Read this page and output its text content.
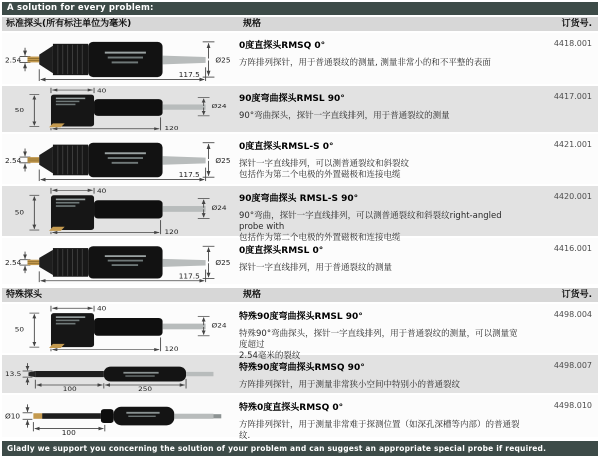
A solution for every problem:
标准探头(所有标注单位为毫米)	规格	订货号.
2.54
117.5
Ø25
0度直探头RMSQ 0°
方阵排列探针，用于普通裂纹的测量, 测量非常小的和不平整的表面
4418.001
40
50
120
Ø24
90度弯曲探头RMSL 90°
90°弯曲探头，探针一字直线排列，用于普通裂纹的测量
4417.001
2.54
117.5
Ø25
0度直探头RMSL-S 0°
探针一字直线排列，可以测普通裂纹和斜裂纹
包括作为第二个电极的外置磁极和连接电缆
4421.001
40
50
120
Ø24
90度弯曲探头 RMSL-S 90°
90°弯曲，探针一字直线排列，可以测普通裂纹和斜裂纹right-angled probe with
包括作为第二个电极的外置磁极和连接电缆
4420.001
2.54
117.5
Ø25
0度直探头RMSL 0°
探针一字直线排列，用于普通裂纹的测量
4416.001
特殊探头	规格	订货号.
40
50
120
Ø24
特殊90度弯曲探头RMSL 90°
特殊90°弯曲探头，探针一字直线排列，用于普通裂纹的测量，可以测量宽度超过
2.54毫米的裂纹
4498.004
13.5
100	250
特殊90度弯曲探头RMSQ 90°
方阵排列探针，用于测量非常狭小空间中特别小的普通裂纹
4498.007
Ø10
100
特殊0度直探头RMSQ 0°
方阵排列探针，用于测量非常难于探测位置（如深孔深槽等内部）的普通裂纹.
4498.010
Gladly we support you concerning the solution of your problem and can suggest an appropriate special probe if required.
